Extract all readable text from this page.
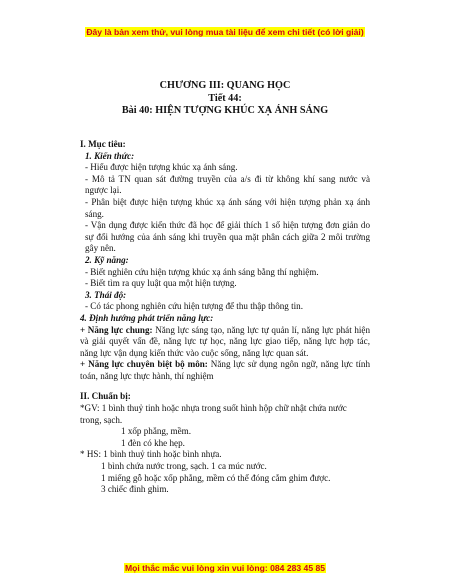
Đây là bản xem thử, vui lòng mua tài liệu để xem chi tiết (có lời giải)
CHƯƠNG III: QUANG HỌC
Tiết 44:
Bài 40: HIỆN TƯỢNG KHÚC XẠ ÁNH SÁNG

I. Mục tiêu:

1. Kiến thức:

- Hiểu được hiện tượng khúc xạ ánh sáng.

- Mô tả TN quan sát đường truyền của a/s đi từ không khí sang nước và ngược lại.

- Phân biệt được hiện tượng khúc xạ ánh sáng với hiện tượng phản xạ ánh sáng.

- Vận dụng được kiến thức đã học để giải thích 1 số hiện tượng đơn giản do sự đổi hướng của ánh sáng khi truyền qua mặt phân cách giữa 2 môi trường gây nên.

2. Kỹ năng:

- Biết nghiên cứu hiện tượng khúc xạ ánh sáng bằng thí nghiệm.

- Biết tìm ra quy luật qua một hiện tượng.

3. Thái độ:

- Có tác phong nghiên cứu hiện tượng để thu thập thông tin.

4. Định hướng phát triển năng lực:

+ Năng lực chung: Năng lực sáng tạo, năng lực tự quản lí, năng lực phát hiện và giải quyết vấn đề, năng lực tự học, năng lực giao tiếp, năng lực hợp tác, năng lực vận dụng kiến thức vào cuộc sống, năng lực quan sát.

+ Năng lực chuyên biệt bộ môn: Năng lực sử dụng ngôn ngữ, năng lực tính toán, năng lực thực hành, thí nghiệm

II. Chuẩn bị:

*GV: 1 bình thuỷ tinh hoặc nhựa trong suốt hình hộp chữ nhật chứa nước trong, sạch.

1 xốp phẳng, mềm.

1 đèn có khe hẹp.

* HS: 1 bình thuỷ tinh hoặc bình nhựa.

1 bình chứa nước trong, sạch. 1 ca múc nước.

1 miếng gỗ hoặc xốp phẳng, mềm có thể đóng cắm ghim được.

3 chiếc đinh ghim.

Mọi thắc mắc vui lòng xin vui lòng: 084 283 45 85
